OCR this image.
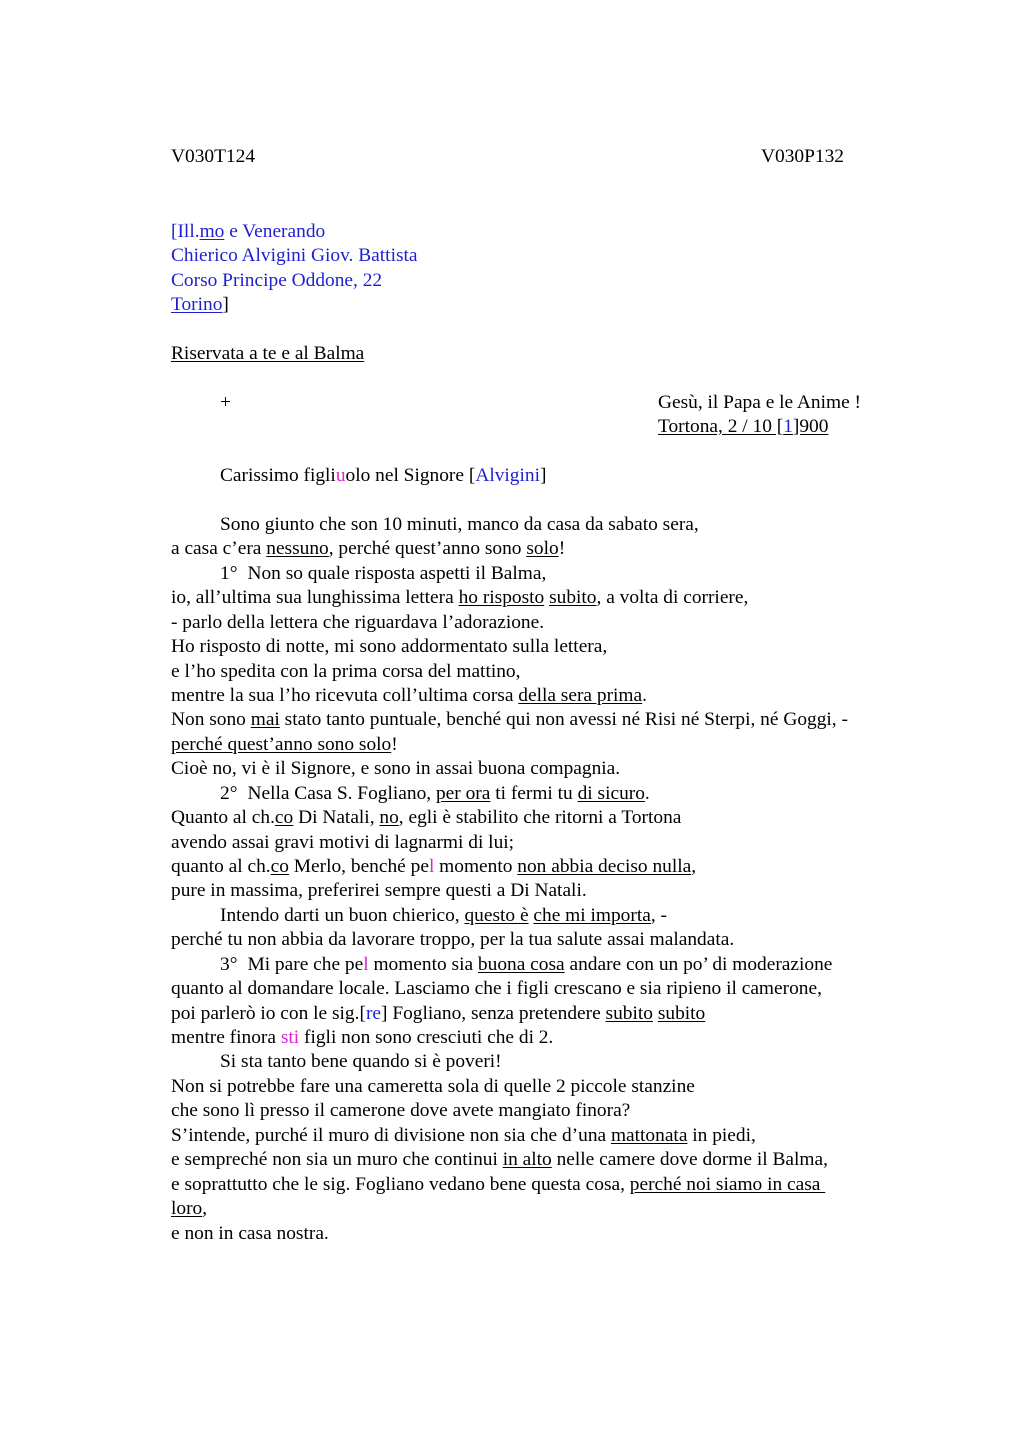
V030T124	V030P132
[Ill.mo e Venerando
Chierico Alvigini Giov. Battista
Corso Principe Oddone, 22
Torino]
Riservata a te e al Balma
+	Gesù, il Papa e le Anime !
Tortona, 2 / 10 [1]900
Carissimo figliuolo nel Signore [Alvigini]
Sono giunto che son 10 minuti, manco da casa da sabato sera,
a casa c’era nessuno, perché quest’anno sono solo!
1° Non so quale risposta aspetti il Balma,
io, all’ultima sua lunghissima lettera ho risposto subito, a volta di corriere,
- parlo della lettera che riguardava l’adorazione.
Ho risposto di notte, mi sono addormentato sulla lettera,
e l’ho spedita con la prima corsa del mattino,
mentre la sua l’ho ricevuta coll’ultima corsa della sera prima.
Non sono mai stato tanto puntuale, benché qui non avessi né Risi né Sterpi, né Goggi, -
perché quest’anno sono solo!
Cioè no, vi è il Signore, e sono in assai buona compagnia.
2° Nella Casa S. Fogliano, per ora ti fermi tu di sicuro.
Quanto al ch.co Di Natali, no, egli è stabilito che ritorni a Tortona
avendo assai gravi motivi di lagnarmi di lui;
quanto al ch.co Merlo, benché pel momento non abbia deciso nulla,
pure in massima, preferirei sempre questi a Di Natali.
Intendo darti un buon chierico, questo è che mi importa, -
perché tu non abbia da lavorare troppo, per la tua salute assai malandata.
3° Mi pare che pel momento sia buona cosa andare con un po’ di moderazione
quanto al domandare locale. Lasciamo che i figli crescano e sia ripieno il camerone,
poi parlerò io con le sig.[re] Fogliano, senza pretendere subito subito
mentre finora sti figli non sono cresciuti che di 2.
Si sta tanto bene quando si è poveri!
Non si potrebbe fare una cameretta sola di quelle 2 piccole stanzine
che sono lì presso il camerone dove avete mangiato finora?
S’intende, purché il muro di divisione non sia che d’una mattonata in piedi,
e sempreché non sia un muro che continui in alto nelle camere dove dorme il Balma,
e soprattutto che le sig. Fogliano vedano bene questa cosa, perché noi siamo in casa
loro,
e non in casa nostra.
